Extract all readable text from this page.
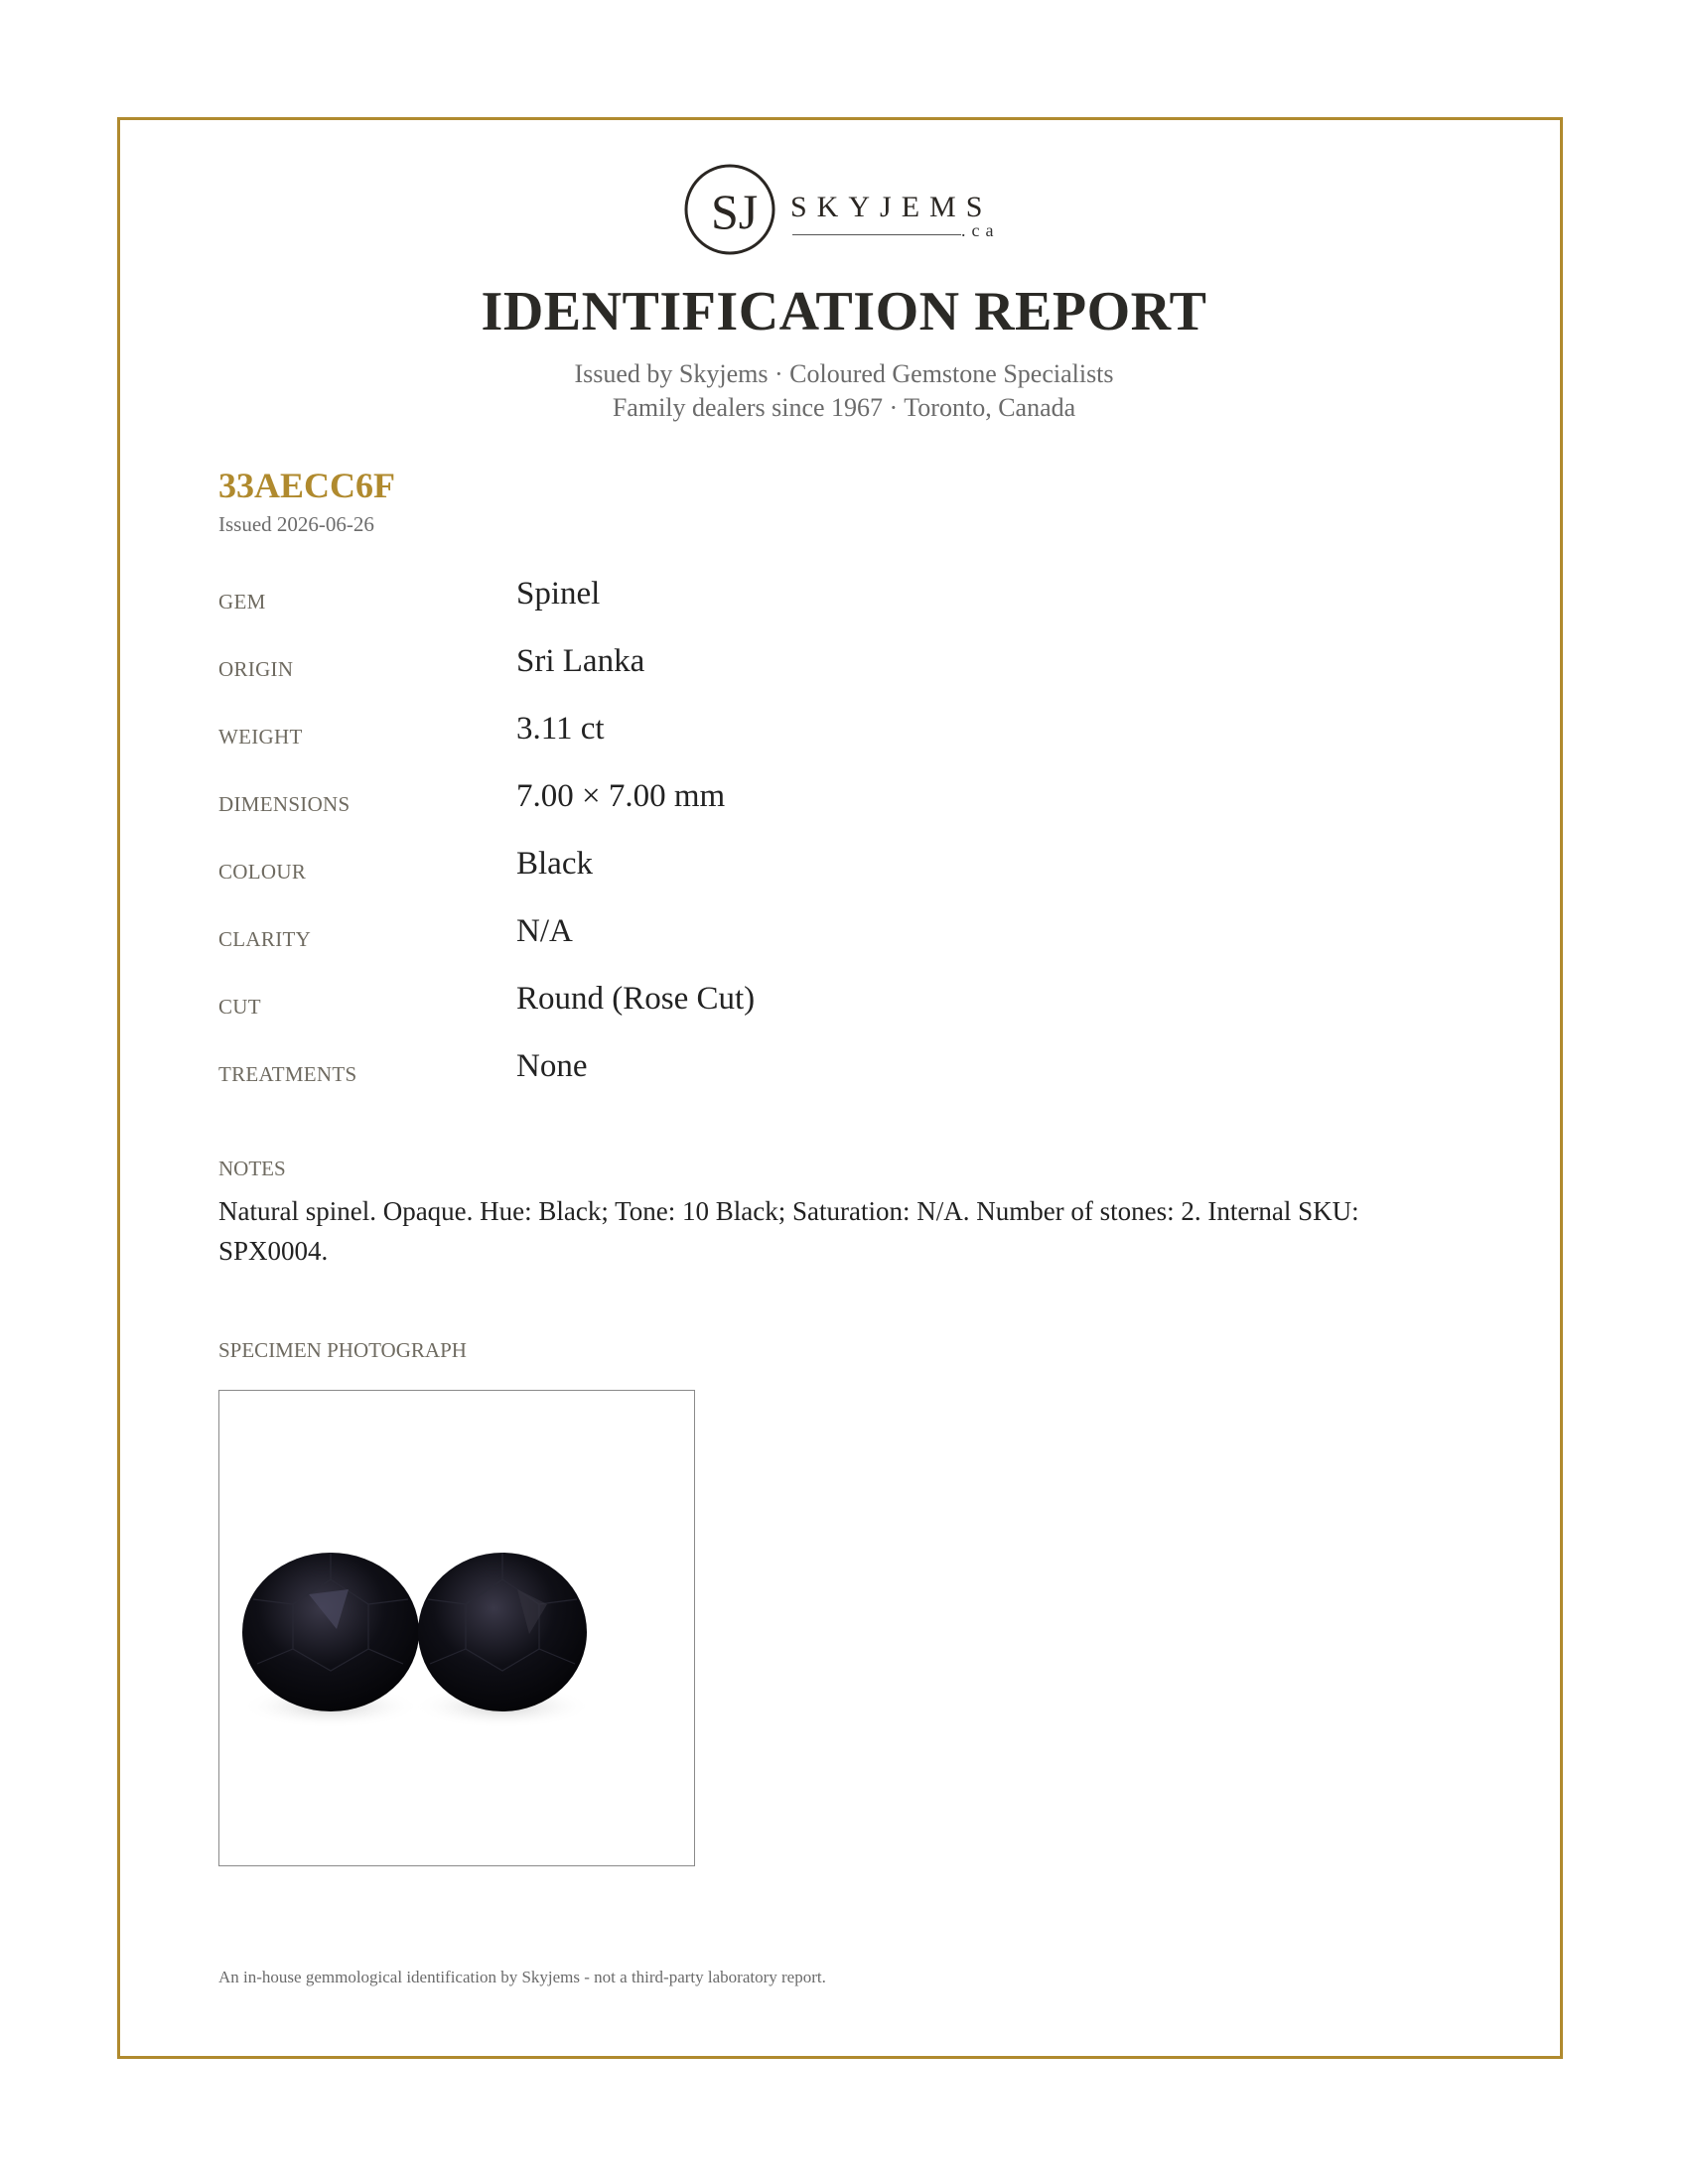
SJ SKYJEMS
.ca
IDENTIFICATION REPORT
Issued by Skyjems · Coloured Gemstone Specialists
Family dealers since 1967 · Toronto, Canada
33AECC6F
Issued 2026-06-26
GEM	Spinel
ORIGIN	Sri Lanka
WEIGHT	3.11 ct
DIMENSIONS	7.00 × 7.00 mm
COLOUR	Black
CLARITY	N/A
CUT	Round (Rose Cut)
TREATMENTS	None
NOTES
Natural spinel. Opaque. Hue: Black; Tone: 10 Black; Saturation: N/A. Number of stones: 2. Internal SKU: SPX0004.
SPECIMEN PHOTOGRAPH
An in-house gemmological identification by Skyjems - not a third-party laboratory report.
